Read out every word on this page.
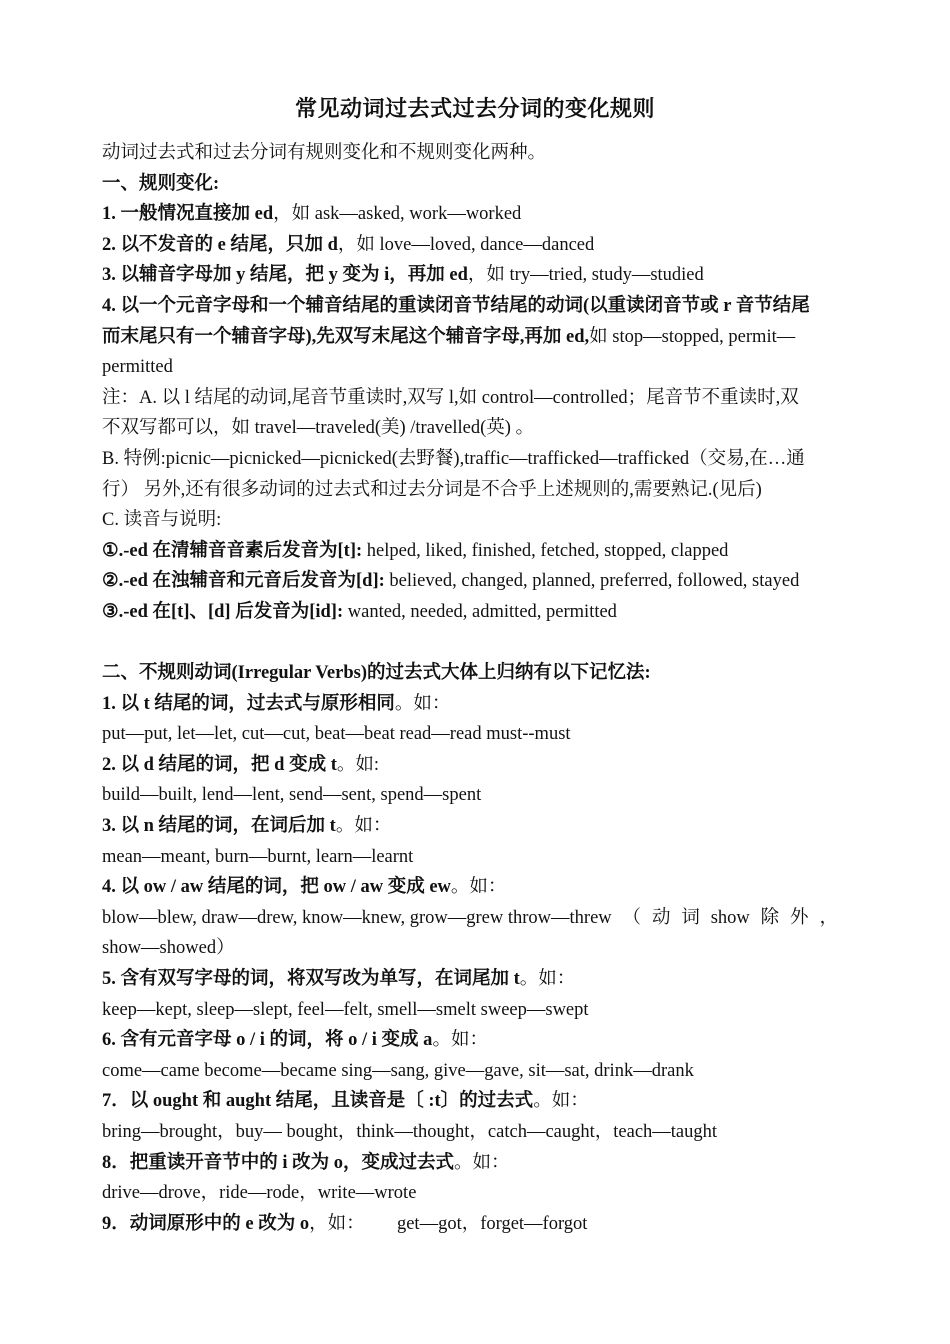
常见动词过去式过去分词的变化规则
动词过去式和过去分词有规则变化和不规则变化两种。
一、规则变化:
1. 一般情况直接加 ed，如 ask—asked, work—worked
2. 以不发音的 e 结尾，只加 d，如 love—loved, dance—danced
3. 以辅音字母加 y 结尾，把 y 变为 i，再加 ed，如 try—tried, study—studied
4. 以一个元音字母和一个辅音结尾的重读闭音节结尾的动词(以重读闭音节或 r 音节结尾
而末尾只有一个辅音字母),先双写末尾这个辅音字母,再加 ed,如 stop—stopped, permit—
permitted
注：A. 以 l 结尾的动词,尾音节重读时,双写 l,如 control—controlled；尾音节不重读时,双
不双写都可以，如 travel—traveled(美) /travelled(英) 。
B. 特例:picnic—picnicked—picnicked(去野餐),traffic—trafficked—trafficked（交易,在…通
行） 另外,还有很多动词的过去式和过去分词是不合乎上述规则的,需要熟记.(见后)
C. 读音与说明:
①.-ed 在清辅音音素后发音为[t]: helped, liked, finished, fetched, stopped, clapped
②.-ed 在浊辅音和元音后发音为[d]: believed, changed, planned, preferred, followed, stayed
③.-ed 在[t]、[d] 后发音为[id]: wanted, needed, admitted, permitted
二、不规则动词(Irregular Verbs)的过去式大体上归纳有以下记忆法:
1. 以 t 结尾的词，过去式与原形相同。如：
put—put, let—let, cut—cut, beat—beat read—read must--must
2. 以 d 结尾的词，把 d 变成 t。如:
build—built, lend—lent, send—sent, spend—spent
3. 以 n 结尾的词，在词后加 t。如：
mean—meant, burn—burnt, learn—learnt
4. 以 ow / aw 结尾的词，把 ow / aw 变成 ew。如：
blow—blew, draw—drew, know—knew, grow—grew throw—threw （ 动 词 show 除 外 ，
show—showed）
5. 含有双写字母的词，将双写改为单写，在词尾加 t。如：
keep—kept, sleep—slept, feel—felt, smell—smelt sweep—swept
6. 含有元音字母 o / i 的词，将 o / i 变成 a。如：
come—came become—became sing—sang, give—gave, sit—sat, drink—drank
7．以 ought 和 aught 结尾，且读音是〔 :t〕的过去式。如：
bring—brought，buy— bought，think—thought，catch—caught，teach—taught
8．把重读开音节中的 i 改为 o，变成过去式。如：
drive—drove，ride—rode，write—wrote
9．动词原形中的 e 改为 o，如：       get—got，forget—forgot
